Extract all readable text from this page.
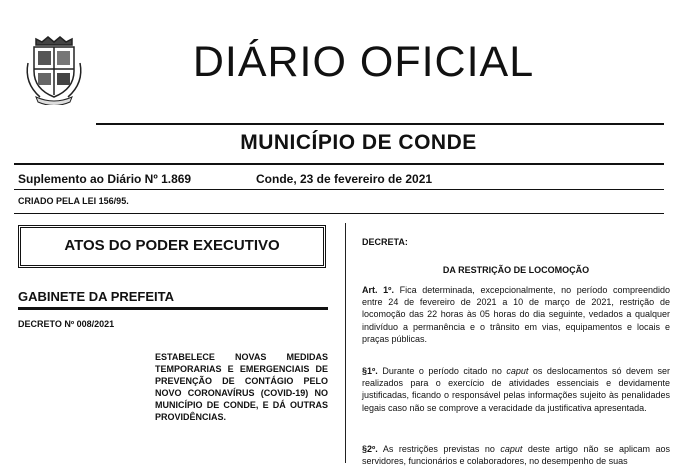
DIÁRIO OFICIAL
MUNICÍPIO DE CONDE
Suplemento ao Diário Nº 1.869	Conde, 23 de fevereiro de 2021
CRIADO PELA LEI 156/95.
ATOS DO PODER EXECUTIVO
GABINETE DA PREFEITA
DECRETO Nº 008/2021
ESTABELECE NOVAS MEDIDAS TEMPORARIAS E EMERGENCIAIS DE PREVENÇÃO DE CONTÁGIO PELO NOVO CORONAVÍRUS (COVID-19) NO MUNICÍPIO DE CONDE, E DÁ OUTRAS PROVIDÊNCIAS.
DECRETA:
DA RESTRIÇÃO DE LOCOMOÇÃO
Art. 1º. Fica determinada, excepcionalmente, no período compreendido entre 24 de fevereiro de 2021 a 10 de março de 2021, restrição de locomoção das 22 horas às 05 horas do dia seguinte, vedados a qualquer indivíduo a permanência e o trânsito em vias, equipamentos e locais e praças públicas.
§1º. Durante o período citado no caput os deslocamentos só devem ser realizados para o exercício de atividades essenciais e devidamente justificadas, ficando o responsável pelas informações sujeito às penalidades legais caso não se comprove a veracidade da justificativa apresentada.
§2º. As restrições previstas no caput deste artigo não se aplicam aos servidores, funcionários e colaboradores, no desempenho de suas
